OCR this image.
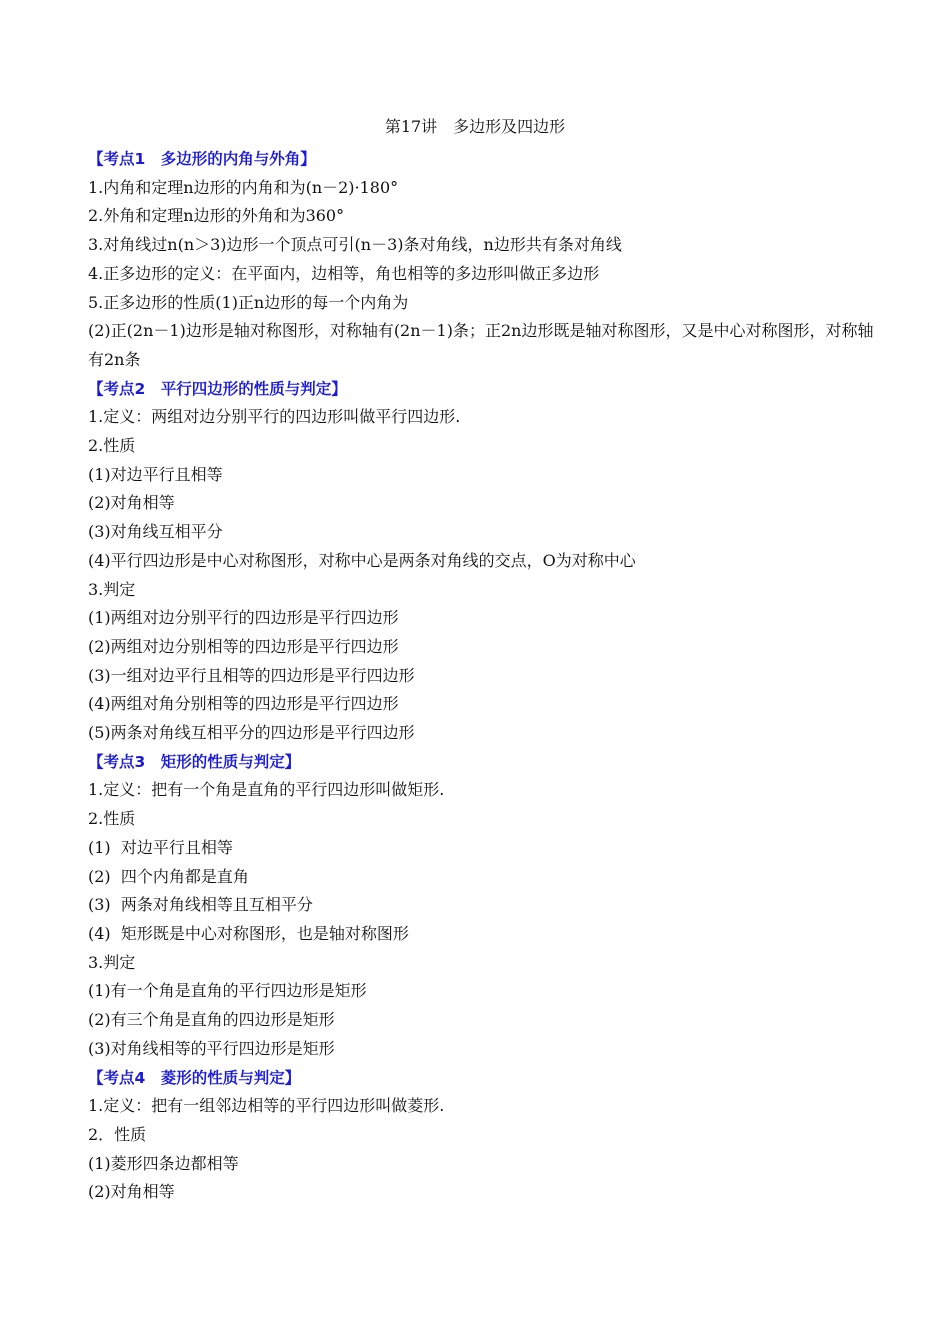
第17讲　多边形及四边形
【考点1　多边形的内角与外角】
1.内角和定理n边形的内角和为(n－2)·180°
2.外角和定理n边形的外角和为360°
3.对角线过n(n＞3)边形一个顶点可引(n－3)条对角线，n边形共有条对角线
4.正多边形的定义：在平面内，边相等，角也相等的多边形叫做正多边形
5.正多边形的性质(1)正n边形的每一个内角为
(2)正(2n－1)边形是轴对称图形，对称轴有(2n－1)条；正2n边形既是轴对称图形，又是中心对称图形，对称轴有2n条
【考点2　平行四边形的性质与判定】
1.定义：两组对边分别平行的四边形叫做平行四边形.
2.性质
(1)对边平行且相等
(2)对角相等
(3)对角线互相平分
(4)平行四边形是中心对称图形，对称中心是两条对角线的交点，O为对称中心
3.判定
(1)两组对边分别平行的四边形是平行四边形
(2)两组对边分别相等的四边形是平行四边形
(3)一组对边平行且相等的四边形是平行四边形
(4)两组对角分别相等的四边形是平行四边形
(5)两条对角线互相平分的四边形是平行四边形
【考点3　矩形的性质与判定】
1.定义：把有一个角是直角的平行四边形叫做矩形.
2.性质
(1)  对边平行且相等
(2)  四个内角都是直角
(3)  两条对角线相等且互相平分
(4)  矩形既是中心对称图形，也是轴对称图形
3.判定
(1)有一个角是直角的平行四边形是矩形
(2)有三个角是直角的四边形是矩形
(3)对角线相等的平行四边形是矩形
【考点4　菱形的性质与判定】
1.定义：把有一组邻边相等的平行四边形叫做菱形.
2．性质
(1)菱形四条边都相等
(2)对角相等
